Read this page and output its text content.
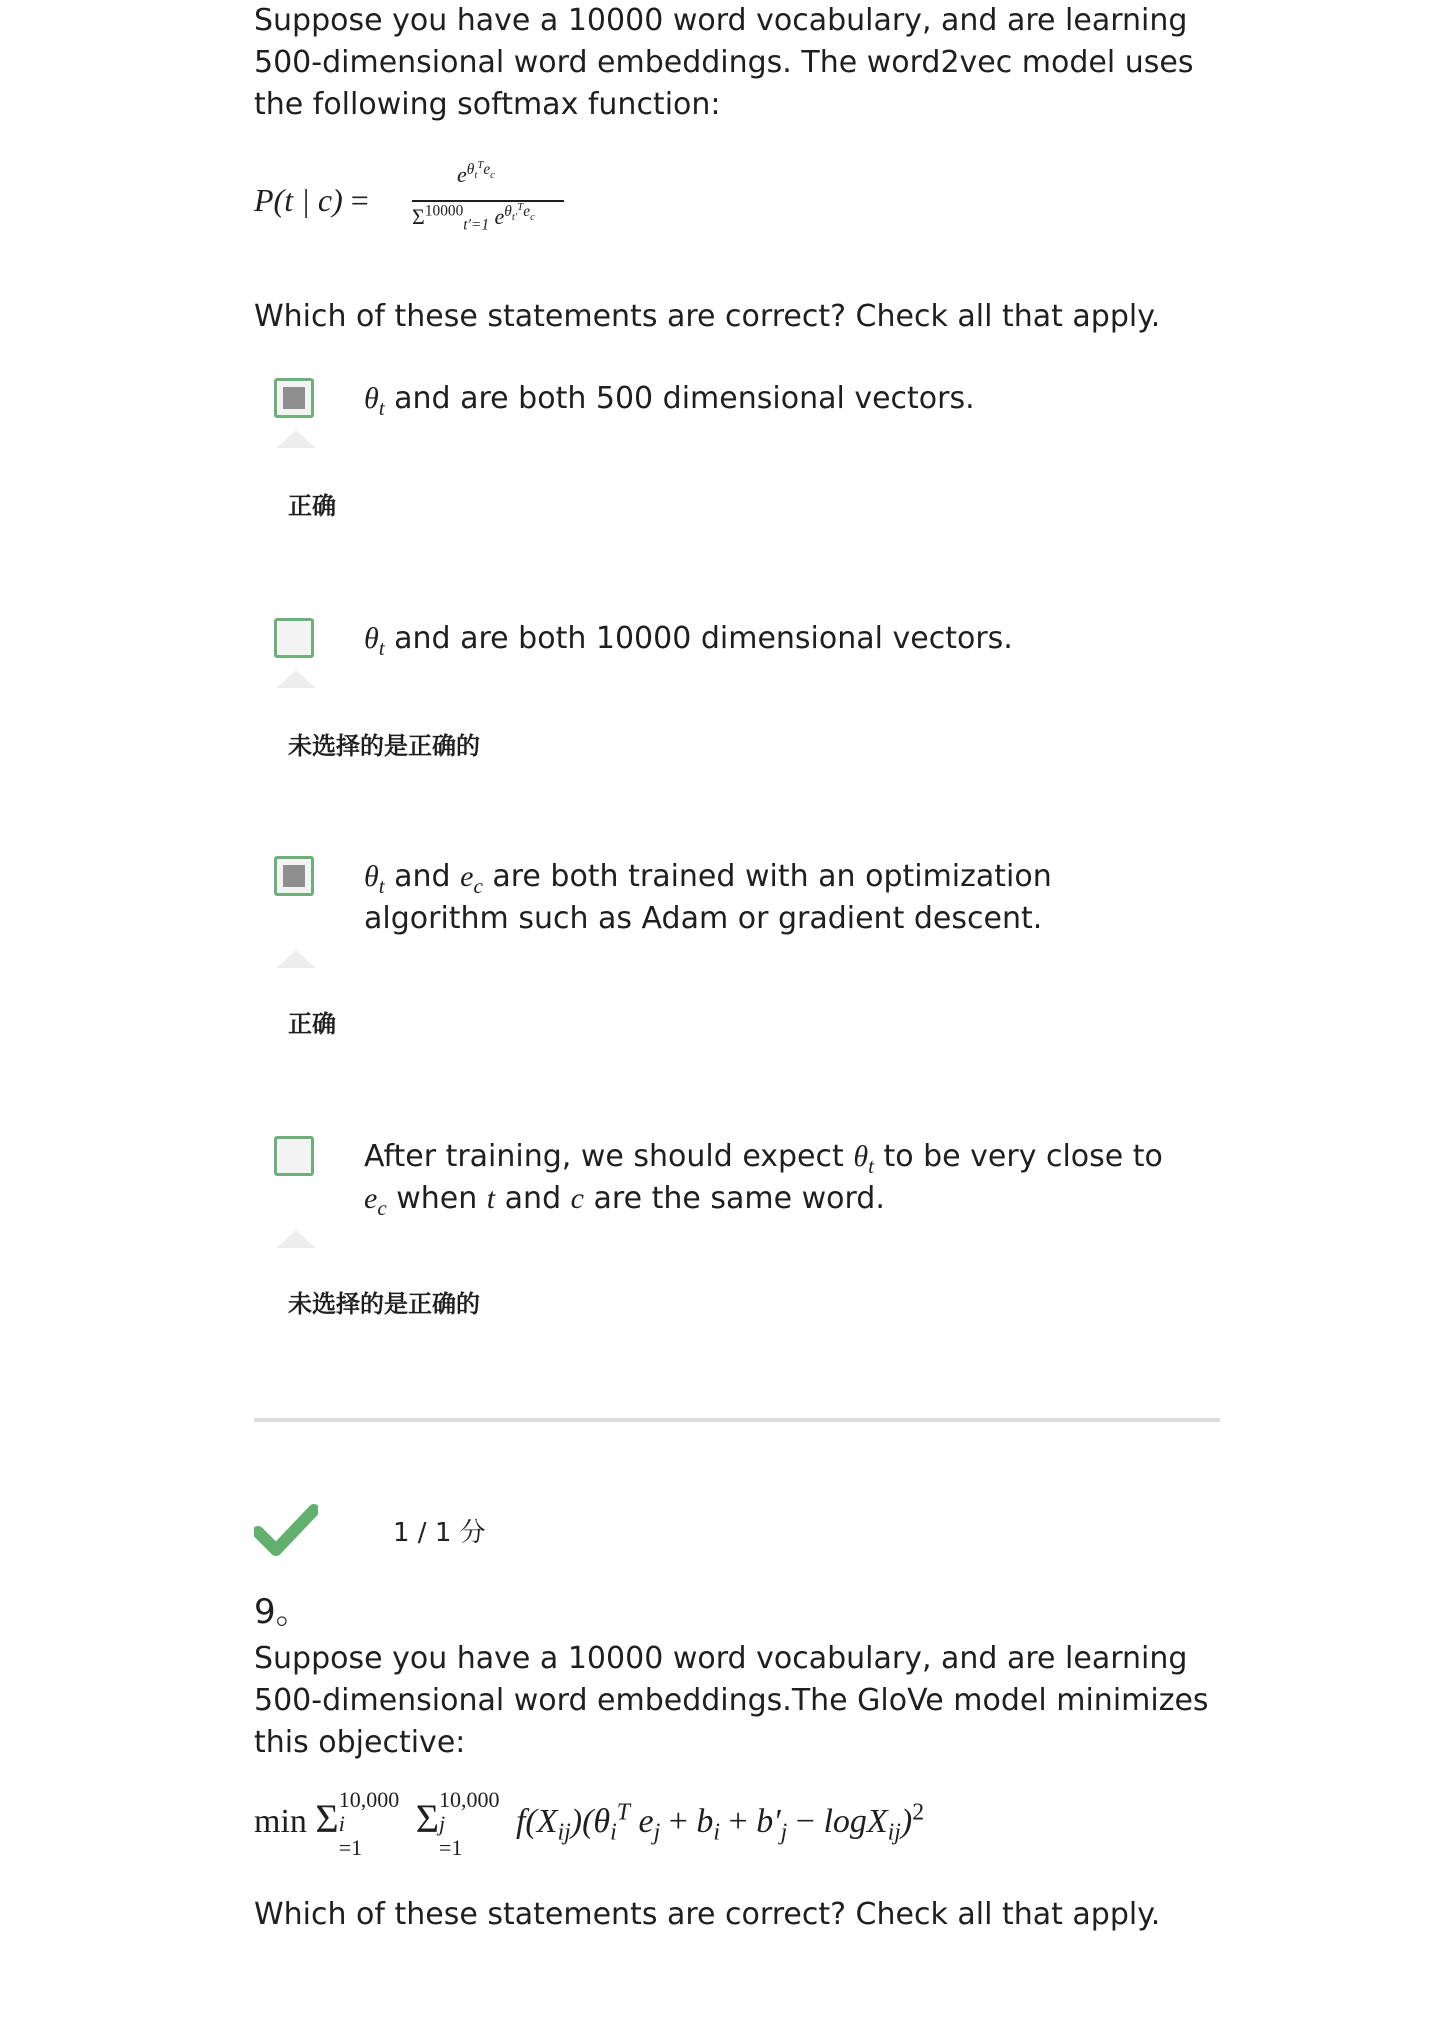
Suppose you have a 10000 word vocabulary, and are learning 500-dimensional word embeddings. The word2vec model uses the following softmax function:

P(t | c) =
$e^{\theta_t^Te_c}$
$\Sigma^{10000}_{t'=1}$ $e^{\theta_{t'}^Te_c}$

Which of these statements are correct? Check all that apply.

$\theta_t$ and are both 500 dimensional vectors.
正确
$\theta_t$ and are both 10000 dimensional vectors.
未选择的是正确的
$\theta_t$ and $e_c$ are both trained with an optimization algorithm such as Adam or gradient descent.
正确
After training, we should expect $\theta_t$ to be very close to $e_c$ when t and c are the same word.
未选择的是正确的
1 / 1 分
9。

Suppose you have a 10000 word vocabulary, and are learning 500-dimensional word embeddings.The GloVe model minimizes this objective:

min Σ 10,000
i
=1
Σ 10,000
j
=1
$f(X_{ij})(\theta_i^T$ $e_j + b_i + b'_j - \log X_{ij})^2$

Which of these statements are correct? Check all that apply.
